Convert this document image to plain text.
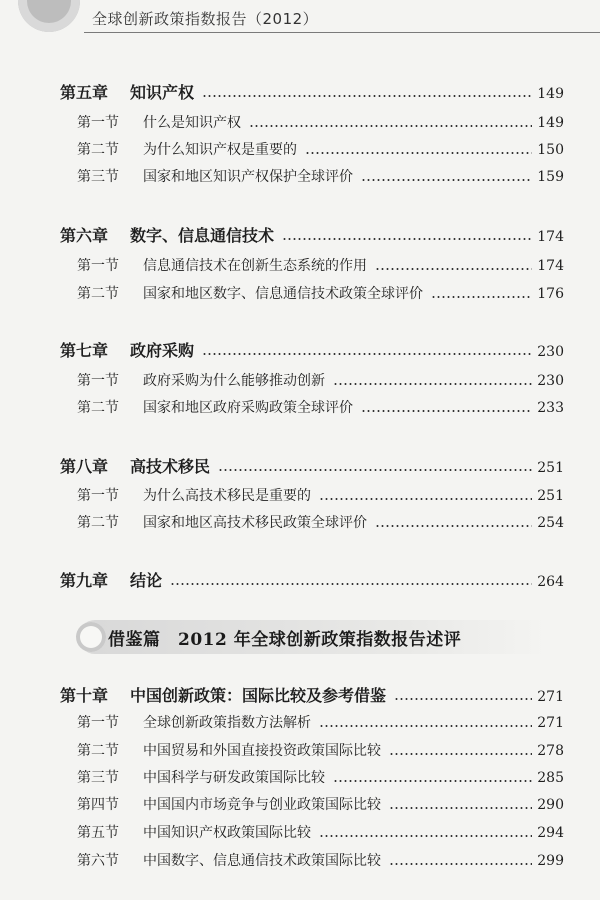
全球创新政策指数报告（2012）
第五章	知识产权	149
第一节	什么是知识产权	149
第二节	为什么知识产权是重要的	150
第三节	国家和地区知识产权保护全球评价	159
第六章	数字、信息通信技术	174
第一节	信息通信技术在创新生态系统的作用	174
第二节	国家和地区数字、信息通信技术政策全球评价	176
第七章	政府采购	230
第一节	政府采购为什么能够推动创新	230
第二节	国家和地区政府采购政策全球评价	233
第八章	高技术移民	251
第一节	为什么高技术移民是重要的	251
第二节	国家和地区高技术移民政策全球评价	254
第九章	结论	264
借鉴篇　2012 年全球创新政策指数报告述评
第十章	中国创新政策：国际比较及参考借鉴	271
第一节	全球创新政策指数方法解析	271
第二节	中国贸易和外国直接投资政策国际比较	278
第三节	中国科学与研发政策国际比较	285
第四节	中国国内市场竞争与创业政策国际比较	290
第五节	中国知识产权政策国际比较	294
第六节	中国数字、信息通信技术政策国际比较	299
